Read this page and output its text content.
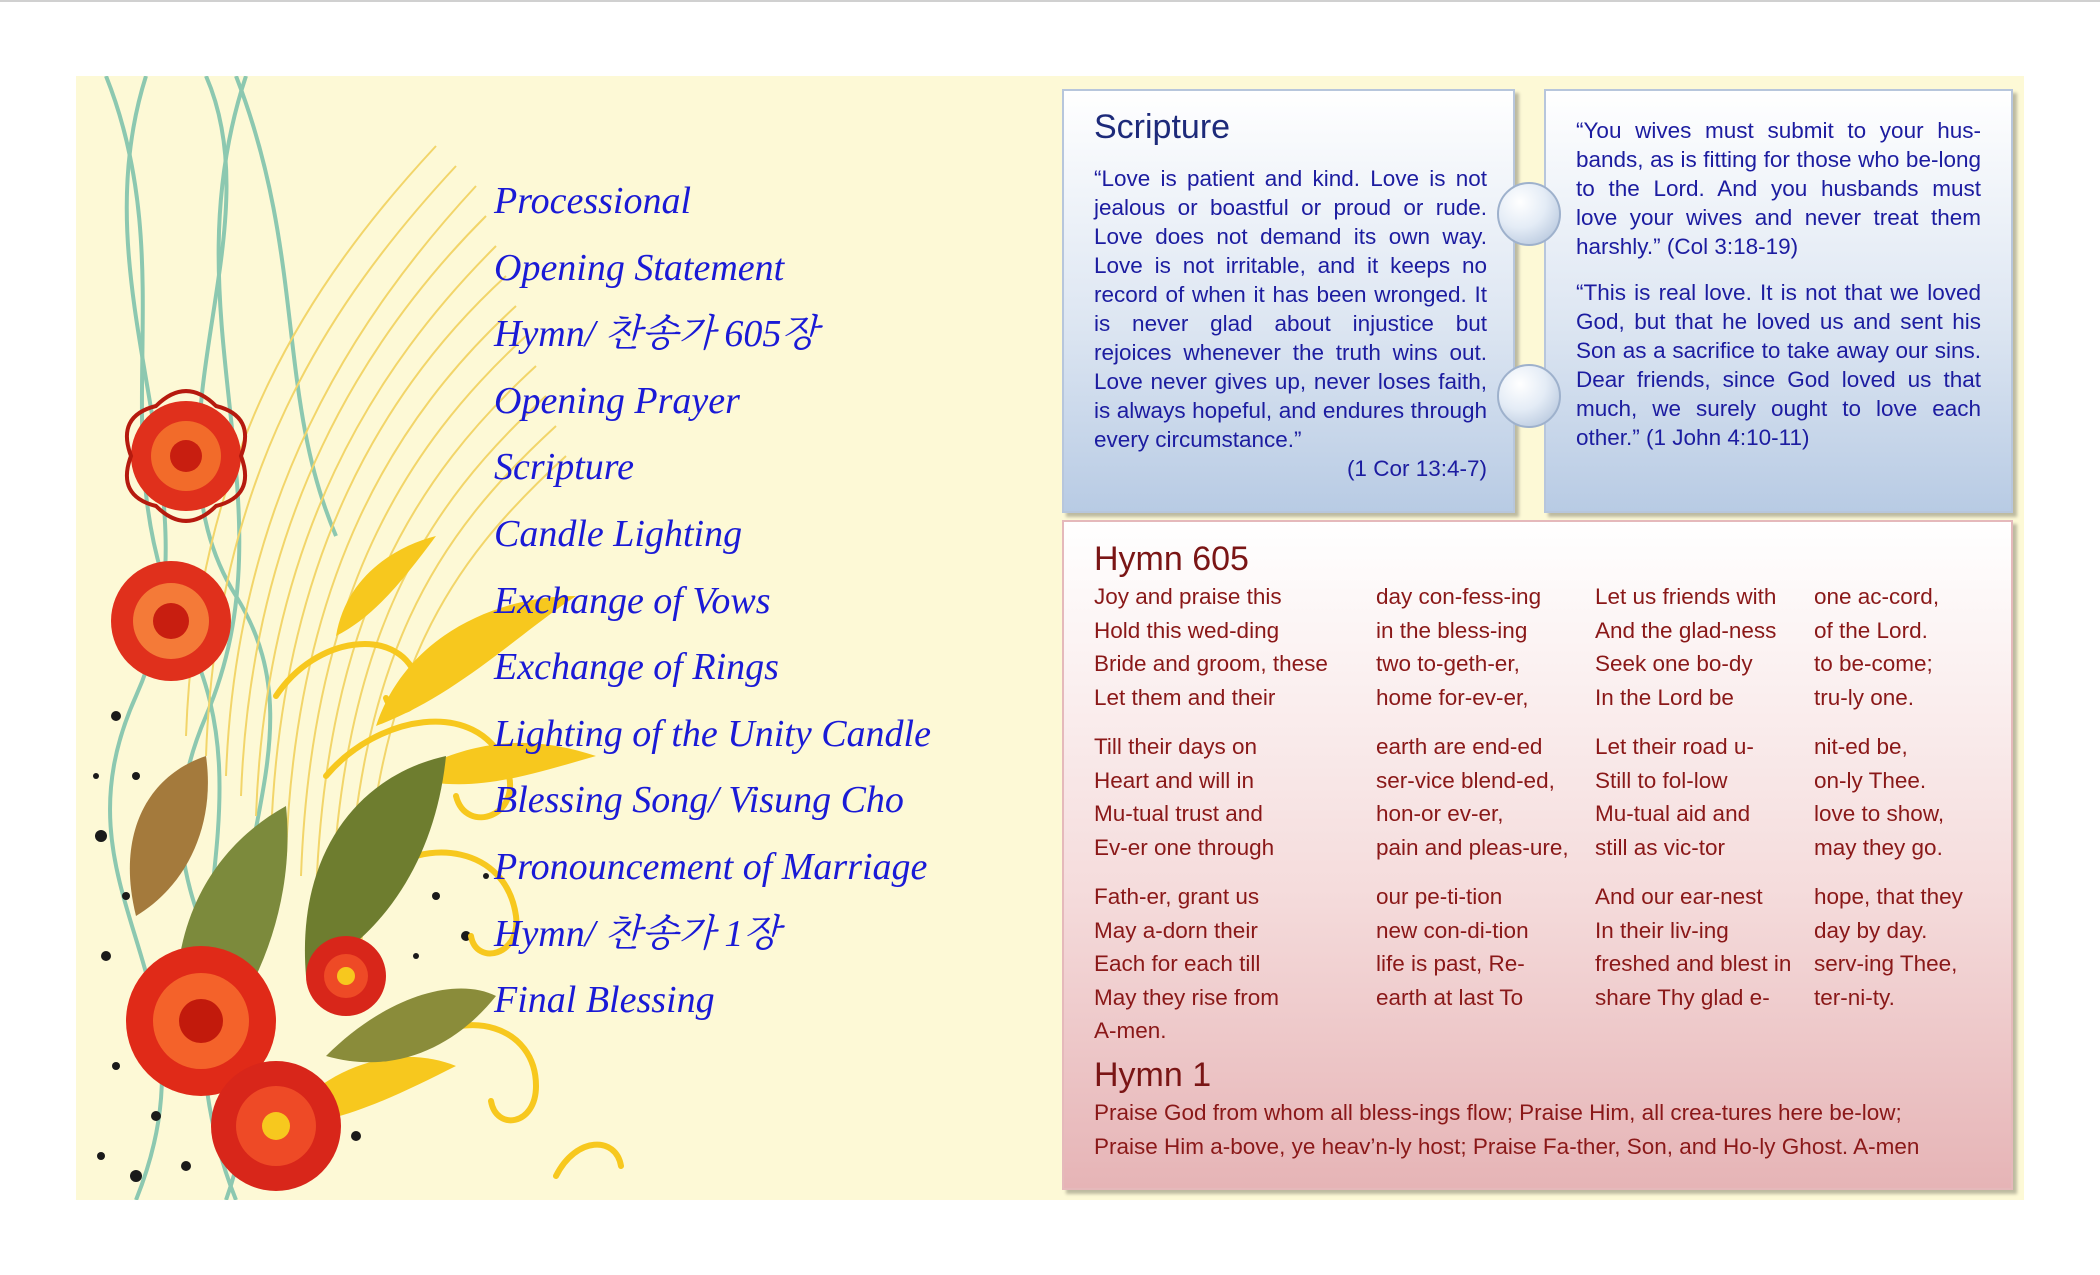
Processional
Opening Statement
Hymn/ 찬송가 605장
Opening Prayer
Scripture
Candle Lighting
Exchange of Vows
Exchange of Rings
Lighting of the Unity Candle
Blessing Song/ Visung Cho
Pronouncement of Marriage
Hymn/ 찬송가 1장
Final Blessing
Scripture

“Love is patient and kind. Love is not jealous or boastful or proud or rude. Love does not demand its own way. Love is not irritable, and it keeps no record of when it has been wronged. It is never glad about injustice but rejoices whenever the truth wins out. Love never gives up, never loses faith, is always hopeful, and endures through every circumstance.”

(1 Cor 13:4-7)

“You wives must submit to your hus-bands, as is fitting for those who be-long to the Lord. And you husbands must love your wives and never treat them harshly.” (Col 3:18-19)

“This is real love. It is not that we loved God, but that he loved us and sent his Son as a sacrifice to take away our sins. Dear friends, since God loved us that much, we surely ought to love each other.” (1 John 4:10-11)

Hymn 605
Joy and praise this
Hold this wed-ding
Bride and groom, these
Let them and their
day con-fess-ing
in the bless-ing
two to-geth-er,
home for-ev-er,
Let us friends with
And the glad-ness
Seek one bo-dy
In the Lord be
one ac-cord,
of the Lord.
to be-come;
tru-ly one.
Till their days on
Heart and will in
Mu-tual trust and
Ev-er one through
earth are end-ed
ser-vice blend-ed,
hon-or ev-er,
pain and pleas-ure,
Let their road u-
Still to fol-low
Mu-tual aid and
still as vic-tor
nit-ed be,
on-ly Thee.
love to show,
may they go.
Fath-er, grant us
May a-dorn their
Each for each till
May they rise from
A-men.
our pe-ti-tion
new con-di-tion
life is past, Re-
earth at last To
And our ear-nest
In their liv-ing
freshed and blest in
share Thy glad e-
hope, that they
day by day.
serv-ing Thee,
ter-ni-ty.
Hymn 1
Praise God from whom all bless-ings flow; Praise Him, all crea-tures here be-low;
Praise Him a-bove, ye heav’n-ly host; Praise Fa-ther, Son, and Ho-ly Ghost. A-men
